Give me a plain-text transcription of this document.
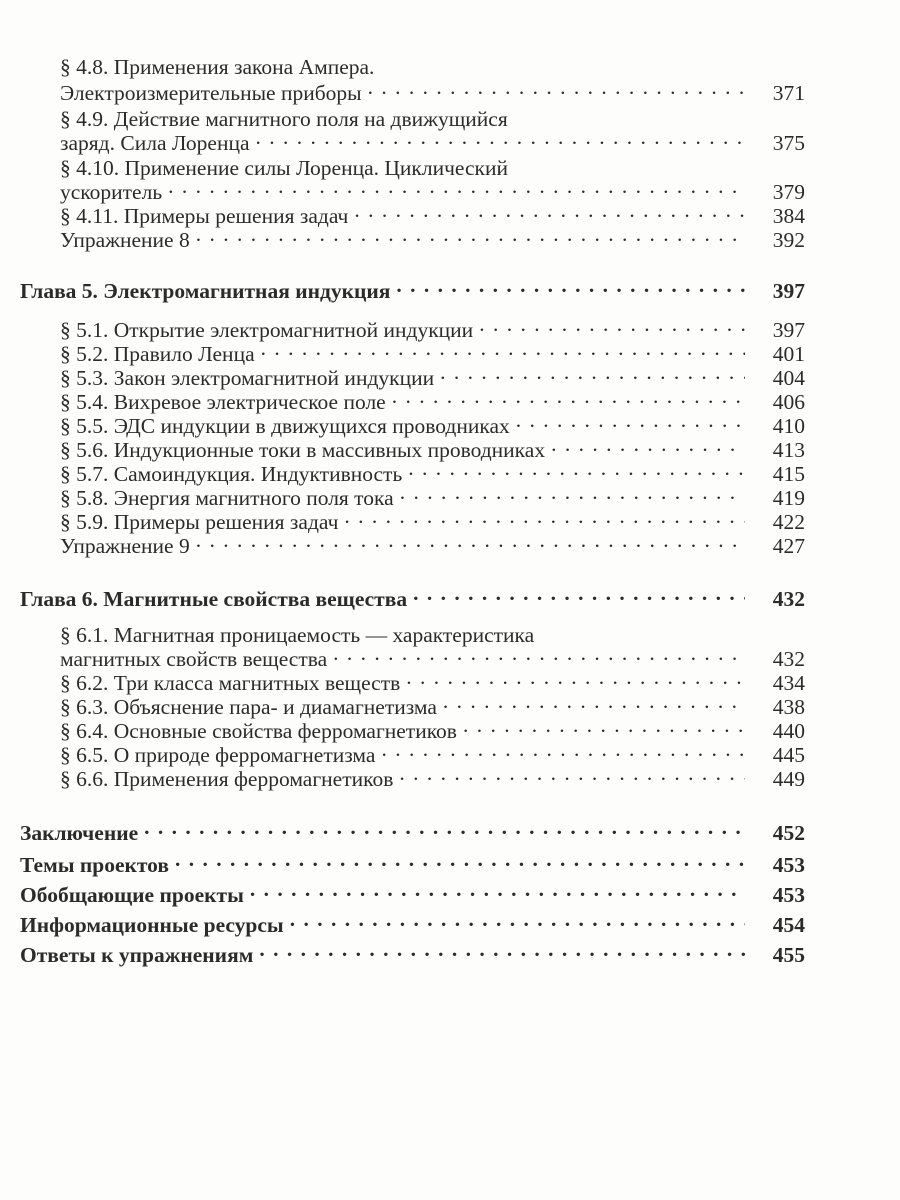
§ 4.8. Применения закона Ампера.
Электроизмерительные приборы . . .	371
§ 4.9. Действие магнитного поля на движущийся
заряд. Сила Лоренца . . .	375
§ 4.10. Применение силы Лоренца. Циклический
ускоритель . . .	379
§ 4.11. Примеры решения задач . . .	384
Упражнение 8 . . .	392
Глава 5. Электромагнитная индукция . . .	397
§ 5.1. Открытие электромагнитной индукции . . .	397
§ 5.2. Правило Ленца . . .	401
§ 5.3. Закон электромагнитной индукции . . .	404
§ 5.4. Вихревое электрическое поле . . .	406
§ 5.5. ЭДС индукции в движущихся проводниках . . .	410
§ 5.6. Индукционные токи в массивных проводниках . . .	413
§ 5.7. Самоиндукция. Индуктивность . . .	415
§ 5.8. Энергия магнитного поля тока . . .	419
§ 5.9. Примеры решения задач . . .	422
Упражнение 9 . . .	427
Глава 6. Магнитные свойства вещества . . .	432
§ 6.1. Магнитная проницаемость — характеристика
магнитных свойств вещества . . .	432
§ 6.2. Три класса магнитных веществ . . .	434
§ 6.3. Объяснение пара- и диамагнетизма . . .	438
§ 6.4. Основные свойства ферромагнетиков . . .	440
§ 6.5. О природе ферромагнетизма . . .	445
§ 6.6. Применения ферромагнетиков . . .	449
Заключение . . .	452
Темы проектов . . .	453
Обобщающие проекты . . .	453
Информационные ресурсы . . .	454
Ответы к упражнениям . . .	455
